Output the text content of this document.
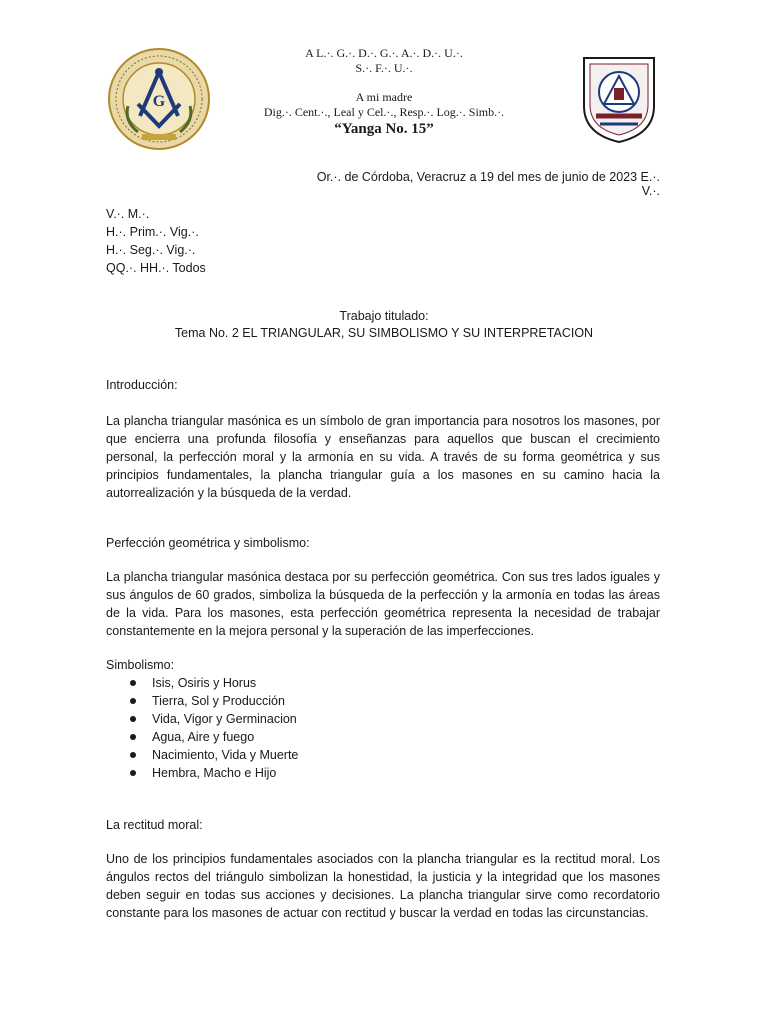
G
A L.·. G.·. D.·. G.·. A.·. D.·. U.·.
S.·. F.·. U.·.
A mi madre
Dig.·. Cent.·., Leal y Cel.·., Resp.·. Log.·. Simb.·.
“Yanga No. 15”
Or.·. de Córdoba, Veracruz a 19 del mes de junio de 2023 E.·. V.·.
V.·. M.·.
H.·. Prim.·. Vig.·.
H.·. Seg.·. Vig.·.
QQ.·. HH.·. Todos
Trabajo titulado:
Tema No. 2 EL TRIANGULAR, SU SIMBOLISMO Y SU INTERPRETACION
Introducción:
La plancha triangular masónica es un símbolo de gran importancia para nosotros los masones, por que encierra una profunda filosofía y enseñanzas para aquellos que buscan el crecimiento personal, la perfección moral y la armonía en su vida. A través de su forma geométrica y sus principios fundamentales, la plancha triangular guía a los masones en su camino hacia la autorrealización y la búsqueda de la verdad.
Perfección geométrica y simbolismo:
La plancha triangular masónica destaca por su perfección geométrica. Con sus tres lados iguales y sus ángulos de 60 grados, simboliza la búsqueda de la perfección y la armonía en todas las áreas de la vida. Para los masones, esta perfección geométrica representa la necesidad de trabajar constantemente en la mejora personal y la superación de las imperfecciones.
Simbolismo:
Isis, Osiris y Horus
Tierra, Sol y Producción
Vida, Vigor y Germinacion
Agua, Aire y fuego
Nacimiento, Vida y Muerte
Hembra, Macho e Hijo
La rectitud moral:
Uno de los principios fundamentales asociados con la plancha triangular es la rectitud moral. Los ángulos rectos del triángulo simbolizan la honestidad, la justicia y la integridad que los masones deben seguir en todas sus acciones y decisiones. La plancha triangular sirve como recordatorio constante para los masones de actuar con rectitud y buscar la verdad en todas las circunstancias.
